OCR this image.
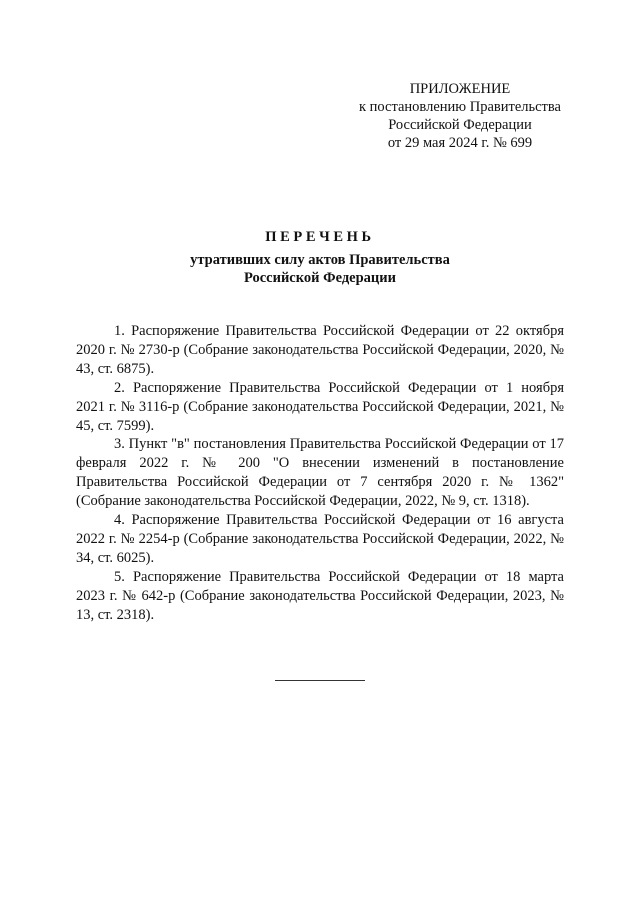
ПРИЛОЖЕНИЕ
к постановлению Правительства
Российской Федерации
от 29 мая 2024 г. № 699
ПЕРЕЧЕНЬ
утративших силу актов Правительства
Российской Федерации

1. Распоряжение Правительства Российской Федерации от 22 октября 2020 г. № 2730-р (Собрание законодательства Российской Федерации, 2020, № 43, ст. 6875).

2. Распоряжение Правительства Российской Федерации от 1 ноября 2021 г. № 3116-р (Собрание законодательства Российской Федерации, 2021, № 45, ст. 7599).

3. Пункт "в" постановления Правительства Российской Федерации от 17 февраля 2022 г. № 200 "О внесении изменений в постановление Правительства Российской Федерации от 7 сентября 2020 г. № 1362" (Собрание законодательства Российской Федерации, 2022, № 9, ст. 1318).

4. Распоряжение Правительства Российской Федерации от 16 августа 2022 г. № 2254-р (Собрание законодательства Российской Федерации, 2022, № 34, ст. 6025).

5. Распоряжение Правительства Российской Федерации от 18 марта 2023 г. № 642-р (Собрание законодательства Российской Федерации, 2023, № 13, ст. 2318).
